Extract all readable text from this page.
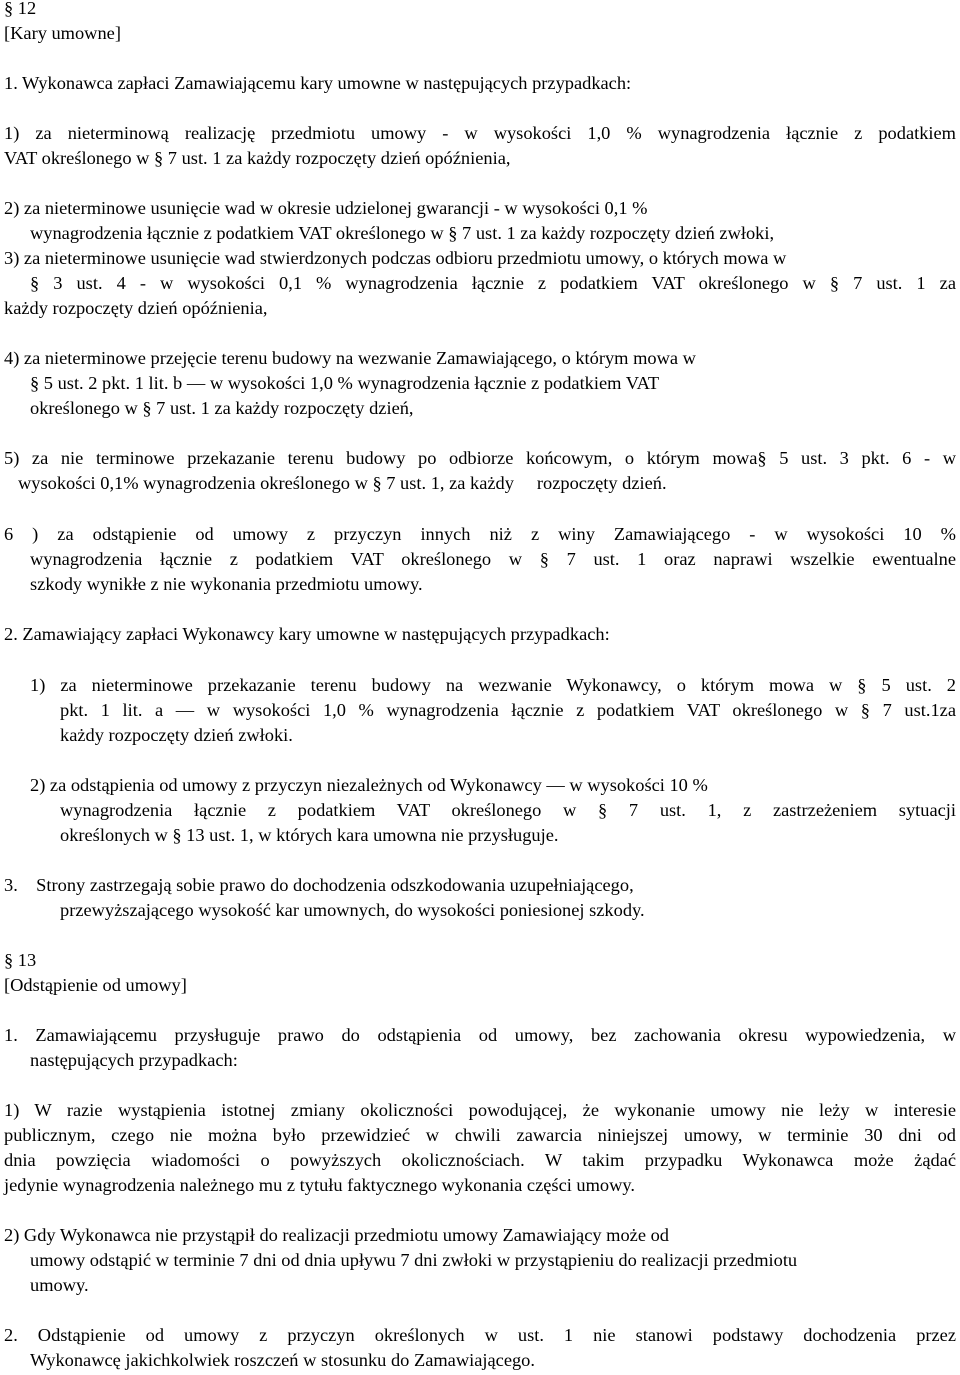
§ 12
[Kary umowne]
1. Wykonawca zapłaci Zamawiającemu kary umowne w następujących przypadkach:
1) za nieterminową realizację przedmiotu umowy - w wysokości 1,0 % wynagrodzenia łącznie z podatkiem
VAT określonego w § 7 ust. 1 za każdy rozpoczęty dzień opóźnienia,
2) za nieterminowe usunięcie wad w okresie udzielonej gwarancji - w wysokości 0,1 %
wynagrodzenia łącznie z podatkiem VAT określonego w § 7 ust. 1 za każdy rozpoczęty dzień zwłoki,
3) za nieterminowe usunięcie wad stwierdzonych podczas odbioru przedmiotu umowy, o których mowa w
§ 3 ust. 4 - w wysokości 0,1 % wynagrodzenia łącznie z podatkiem VAT określonego w § 7 ust. 1 za
każdy rozpoczęty dzień opóźnienia,
4) za nieterminowe przejęcie terenu budowy na wezwanie Zamawiającego, o którym mowa w
§ 5 ust. 2 pkt. 1 lit. b — w wysokości 1,0 % wynagrodzenia łącznie z podatkiem VAT
określonego w § 7 ust. 1 za każdy rozpoczęty dzień,
5) za nie terminowe przekazanie terenu budowy po odbiorze końcowym, o którym mowa§ 5 ust. 3 pkt. 6 - w
wysokości 0,1% wynagrodzenia określonego w § 7 ust. 1, za każdy     rozpoczęty dzień.
6 ) za odstąpienie od umowy z przyczyn innych niż z winy Zamawiającego - w wysokości 10 %
wynagrodzenia łącznie z podatkiem VAT określonego w § 7 ust. 1 oraz naprawi wszelkie ewentualne
szkody wynikłe z nie wykonania przedmiotu umowy.
2. Zamawiający zapłaci Wykonawcy kary umowne w następujących przypadkach:
1) za nieterminowe przekazanie terenu budowy na wezwanie Wykonawcy, o którym mowa w § 5 ust. 2
pkt. 1 lit. a — w wysokości 1,0 % wynagrodzenia łącznie z podatkiem VAT określonego w § 7 ust.1za
każdy rozpoczęty dzień zwłoki.
2) za odstąpienia od umowy z przyczyn niezależnych od Wykonawcy — w wysokości 10 %
wynagrodzenia łącznie z podatkiem VAT określonego w § 7 ust. 1, z zastrzeżeniem sytuacji
określonych w § 13 ust. 1, w których kara umowna nie przysługuje.
3.    Strony zastrzegają sobie prawo do dochodzenia odszkodowania uzupełniającego,
przewyższającego wysokość kar umownych, do wysokości poniesionej szkody.
§ 13
[Odstąpienie od umowy]
1. Zamawiającemu przysługuje prawo do odstąpienia od umowy, bez zachowania okresu wypowiedzenia, w
następujących przypadkach:
1) W razie wystąpienia istotnej zmiany okoliczności powodującej, że wykonanie umowy nie leży w interesie
publicznym, czego nie można było przewidzieć w chwili zawarcia niniejszej umowy, w terminie 30 dni od
dnia powzięcia wiadomości o powyższych okolicznościach. W takim przypadku Wykonawca może żądać
jedynie wynagrodzenia należnego mu z tytułu faktycznego wykonania części umowy.
2) Gdy Wykonawca nie przystąpił do realizacji przedmiotu umowy Zamawiający może od
umowy odstąpić w terminie 7 dni od dnia upływu 7 dni zwłoki w przystąpieniu do realizacji przedmiotu
umowy.
2. Odstąpienie od umowy z przyczyn określonych w ust. 1 nie stanowi podstawy dochodzenia przez
Wykonawcę jakichkolwiek roszczeń w stosunku do Zamawiającego.
